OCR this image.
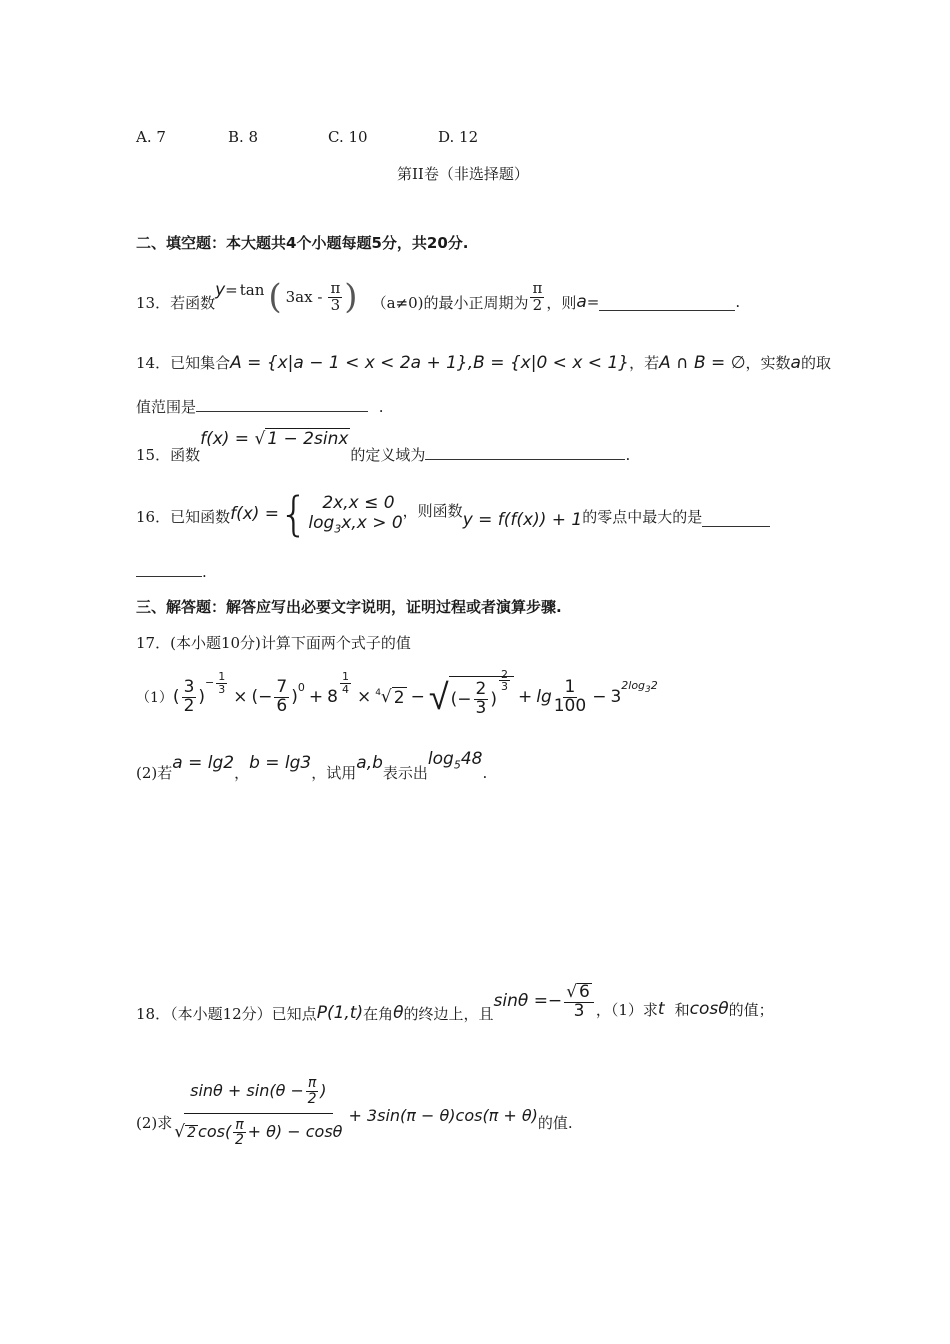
A. 7	B. 8	C. 10	D. 12
第II卷（非选择题）
二、填空题：本大题共4个小题每题5分，共20分.
13．若函数
y = tan ( $3ax - \frac{\pi}{3}$ ) （a≠0)的最小正周期为 $\frac{\pi}{2}$ ，则 a =	.
14．已知集合A = {x|a − 1 < x < 2a + 1},B = {x|0 < x < 1}，若A ∩ B = ∅，实数a的取
值范围是	.
15．函数f(x) = √ 1 − 2sinx的定义域为	.
16．已知函数 f(x) = { 2x,x ≤ 0
$\log_3x,x > 0$
，则函数 y = f(f(x)) + 1 的零点中最大的是
.
三、解答题：解答应写出必要文字说明，证明过程或者演算步骤.
17．(本小题10分)计算下面两个式子的值
（1） ( $\frac{3}{2}$ )
$^{- \frac{1}{3}}$
× (− $\frac{7}{6} )^0 + 8$
$^{\frac{1}{4}}$
× $^4$ √ 2 − √ (− $\frac{2}{3}$ )
$^{\frac{2}{3}}$
+ $\lg \frac{1}{100} - 3$
$^{2log_32}$
(2)若a = lg2，b = lg3，试用a,b表示出$\log_548$.
18．（本小题12分）已知点 P(1,t) 在角 θ 的终边上，且
$\sin\theta =- \frac{√ 6}{3}$ ，（1）求 t 和 cosθ 的值；
(2)求 $\frac{\sin\theta + \sin(\theta - \frac{\pi}{2} )}{√ 2 \cos( \frac{\pi}{2} + \theta) - \cos\theta} + 3\sin(\pi - \theta)\cos(\pi + \theta)$ 的值.
